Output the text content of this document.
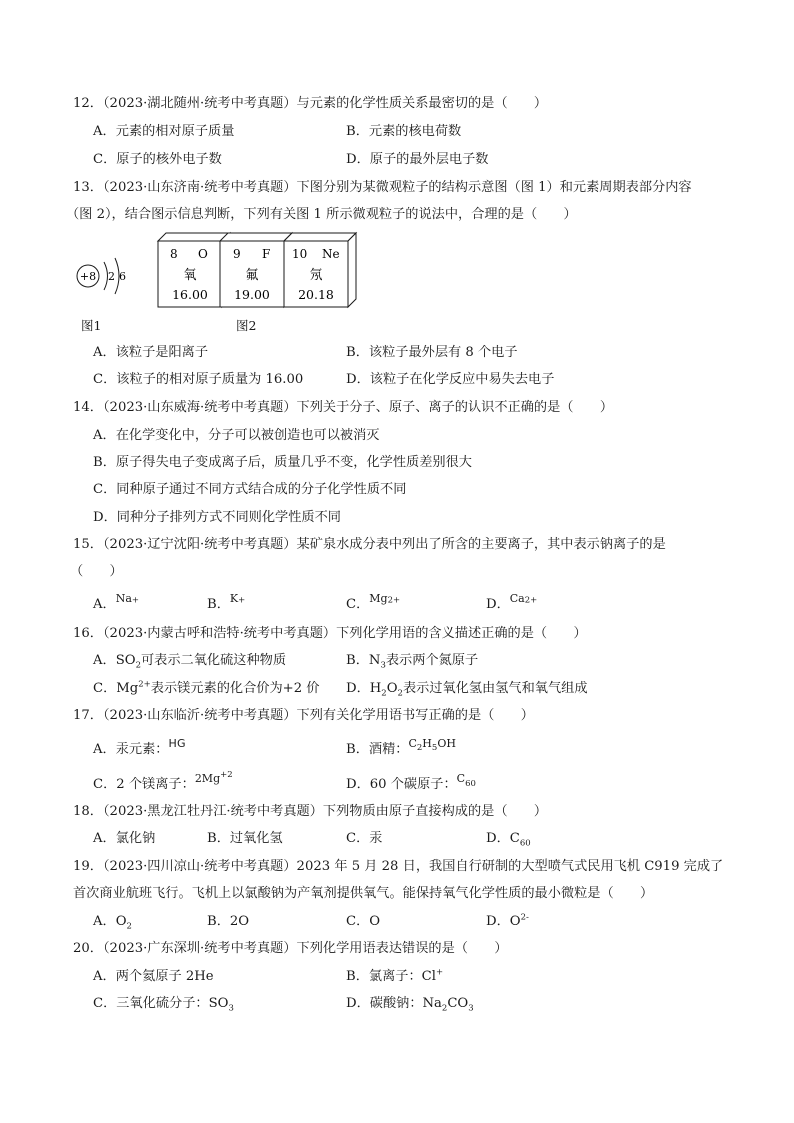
12．（2023·湖北随州·统考中考真题）与元素的化学性质关系最密切的是（　　）
A．元素的相对原子质量	B．元素的核电荷数
C．原子的核外电子数	D．原子的最外层电子数
13．（2023·山东济南·统考中考真题）下图分别为某微观粒子的结构示意图（图 1）和元素周期表部分内容
（图 2），结合图示信息判断，下列有关图 1 所示微观粒子的说法中，合理的是（　　）
+8 2 6
8 O
氧
16.00
9 F
氟
19.00
10 Ne
氖
20.18
图1	图2
A．该粒子是阳离子	B．该粒子最外层有 8 个电子
C．该粒子的相对原子质量为 16.00	D．该粒子在化学反应中易失去电子
14．（2023·山东威海·统考中考真题）下列关于分子、原子、离子的认识不正确的是（　　）
A．在化学变化中，分子可以被创造也可以被消灭
B．原子得失电子变成离子后，质量几乎不变，化学性质差别很大
C．同种原子通过不同方式结合成的分子化学性质不同
D．同种分子排列方式不同则化学性质不同
15．（2023·辽宁沈阳·统考中考真题）某矿泉水成分表中列出了所含的主要离子，其中表示钠离子的是
（　　）
A．$^{Na+}$	B．$^{K+}$	C．$^{Mg2+}$	D．$^{Ca2+}$
16．（2023·内蒙古呼和浩特·统考中考真题）下列化学用语的含义描述正确的是（　　）
A．$SO_2$可表示二氧化硫这种物质	B．$N_3$表示两个氮原子
C．$Mg^{2+}$表示镁元素的化合价为+2 价 D．$H_2O_2$表示过氧化氢由氢气和氧气组成
17．（2023·山东临沂·统考中考真题）下列有关化学用语书写正确的是（　　）
A．汞元素：$^{HG}$	B．酒精：$^{C_2H_5OH}$
C．2 个镁离子：$^{2Mg+2}$
D．60 个碳原子：$^C_{60}$
18．（2023·黑龙江牡丹江·统考中考真题）下列物质由原子直接构成的是（　　）
A．氯化钠	B．过氧化氢	C．汞	D．$C_{60}$
19．（2023·四川凉山·统考中考真题）2023 年 5 月 28 日，我国自行研制的大型喷气式民用飞机 C919 完成了
首次商业航班飞行。飞机上以氯酸钠为产氧剂提供氧气。能保持氧气化学性质的最小微粒是（　　）
A．$O_2$	B．2O	C．O	D．$O^{2-}$
20．（2023·广东深圳·统考中考真题）下列化学用语表达错误的是（　　）
A．两个氦原子 2He	B．氯离子：Cl+
C．三氧化硫分子：$SO_3$	D．碳酸钠：$Na_2CO_3$
